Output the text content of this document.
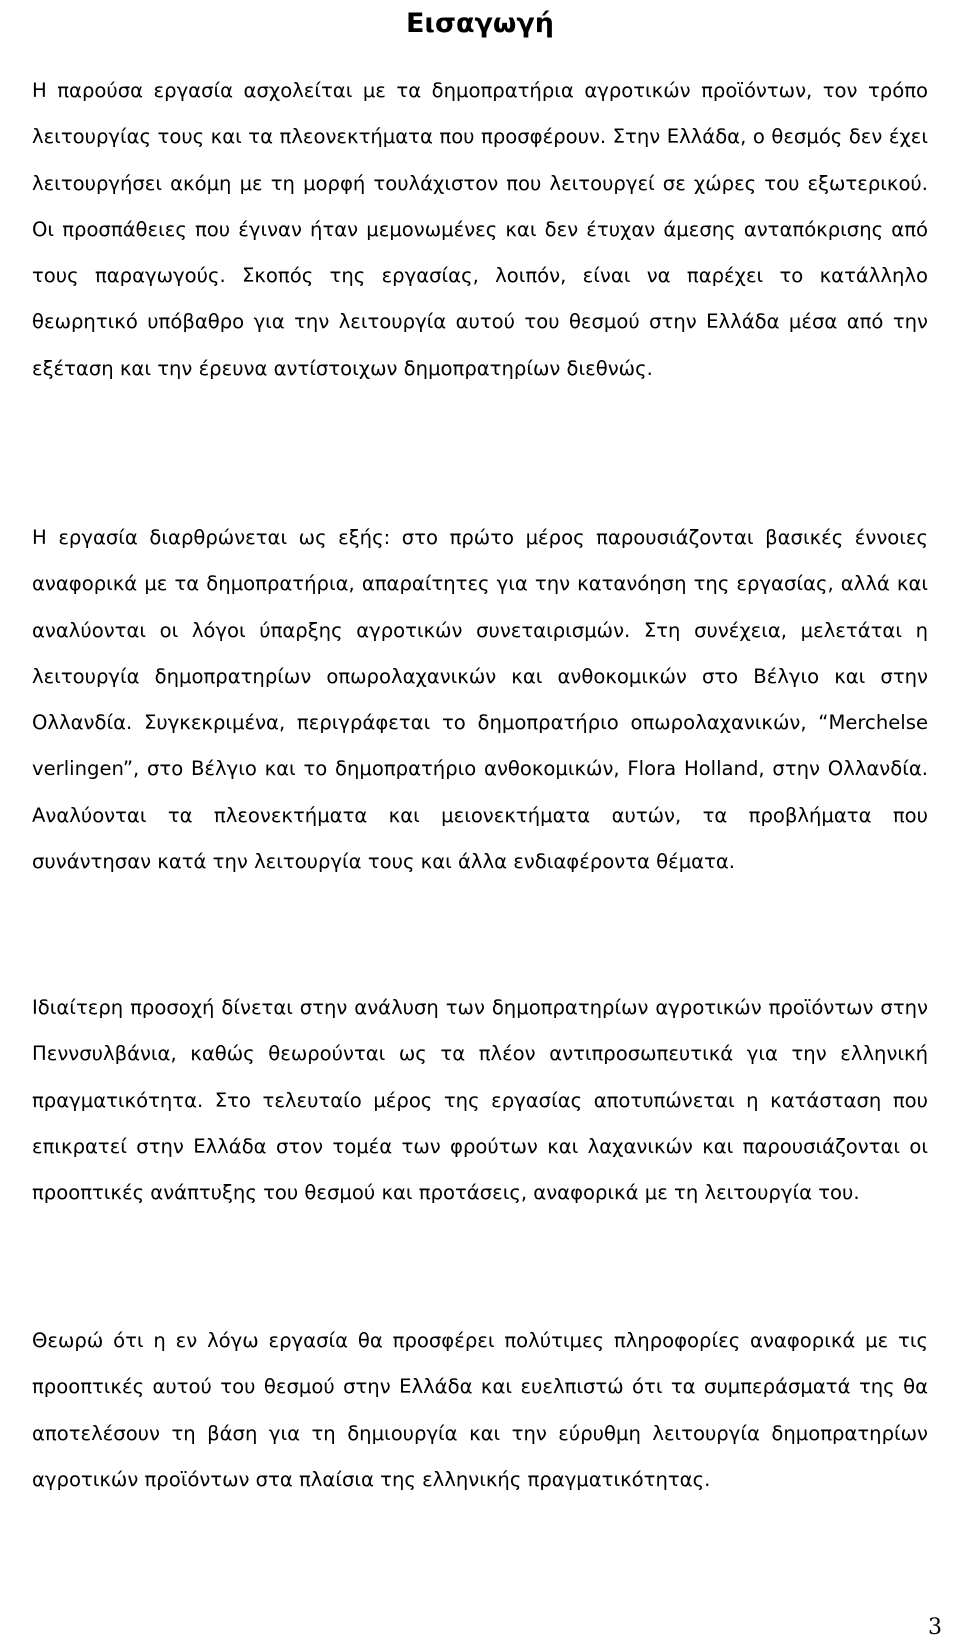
Εισαγωγή

Η παρούσα εργασία ασχολείται με τα δημοπρατήρια αγροτικών προϊόντων, τον τρόπο λειτουργίας τους και τα πλεονεκτήματα που προσφέρουν. Στην Ελλάδα, ο θεσμός δεν έχει λειτουργήσει ακόμη με τη μορφή τουλάχιστον που λειτουργεί σε χώρες του εξωτερικού. Οι προσπάθειες που έγιναν ήταν μεμονωμένες και δεν έτυχαν άμεσης ανταπόκρισης από τους παραγωγούς. Σκοπός της εργασίας, λοιπόν, είναι να παρέχει το κατάλληλο θεωρητικό υπόβαθρο για την λειτουργία αυτού του θεσμού στην Ελλάδα μέσα από την εξέταση και την έρευνα αντίστοιχων δημοπρατηρίων διεθνώς.

Η εργασία διαρθρώνεται ως εξής: στο πρώτο μέρος παρουσιάζονται βασικές έννοιες αναφορικά με τα δημοπρατήρια, απαραίτητες για την κατανόηση της εργασίας, αλλά και αναλύονται οι λόγοι ύπαρξης αγροτικών συνεταιρισμών. Στη συνέχεια, μελετάται η λειτουργία δημοπρατηρίων οπωρολαχανικών και ανθοκομικών στο Βέλγιο και στην Ολλανδία. Συγκεκριμένα, περιγράφεται το δημοπρατήριο οπωρολαχανικών, “Merchelse verlingen”, στο Βέλγιο και το δημοπρατήριο ανθοκομικών, Flora Holland, στην Ολλανδία. Αναλύονται τα πλεονεκτήματα και μειονεκτήματα αυτών, τα προβλήματα που συνάντησαν κατά την λειτουργία τους και άλλα ενδιαφέροντα θέματα.

Ιδιαίτερη προσοχή δίνεται στην ανάλυση των δημοπρατηρίων αγροτικών προϊόντων στην Πεννσυλβάνια, καθώς θεωρούνται ως τα πλέον αντιπροσωπευτικά για την ελληνική πραγματικότητα. Στο τελευταίο μέρος της εργασίας αποτυπώνεται η κατάσταση που επικρατεί στην Ελλάδα στον τομέα των φρούτων και λαχανικών και παρουσιάζονται οι προοπτικές ανάπτυξης του θεσμού και προτάσεις, αναφορικά με τη λειτουργία του.

Θεωρώ ότι η εν λόγω εργασία θα προσφέρει πολύτιμες πληροφορίες αναφορικά με τις προοπτικές αυτού του θεσμού στην Ελλάδα και ευελπιστώ ότι τα συμπεράσματά της θα αποτελέσουν τη βάση για τη δημιουργία και την εύρυθμη λειτουργία δημοπρατηρίων αγροτικών προϊόντων στα πλαίσια της ελληνικής πραγματικότητας.

3
